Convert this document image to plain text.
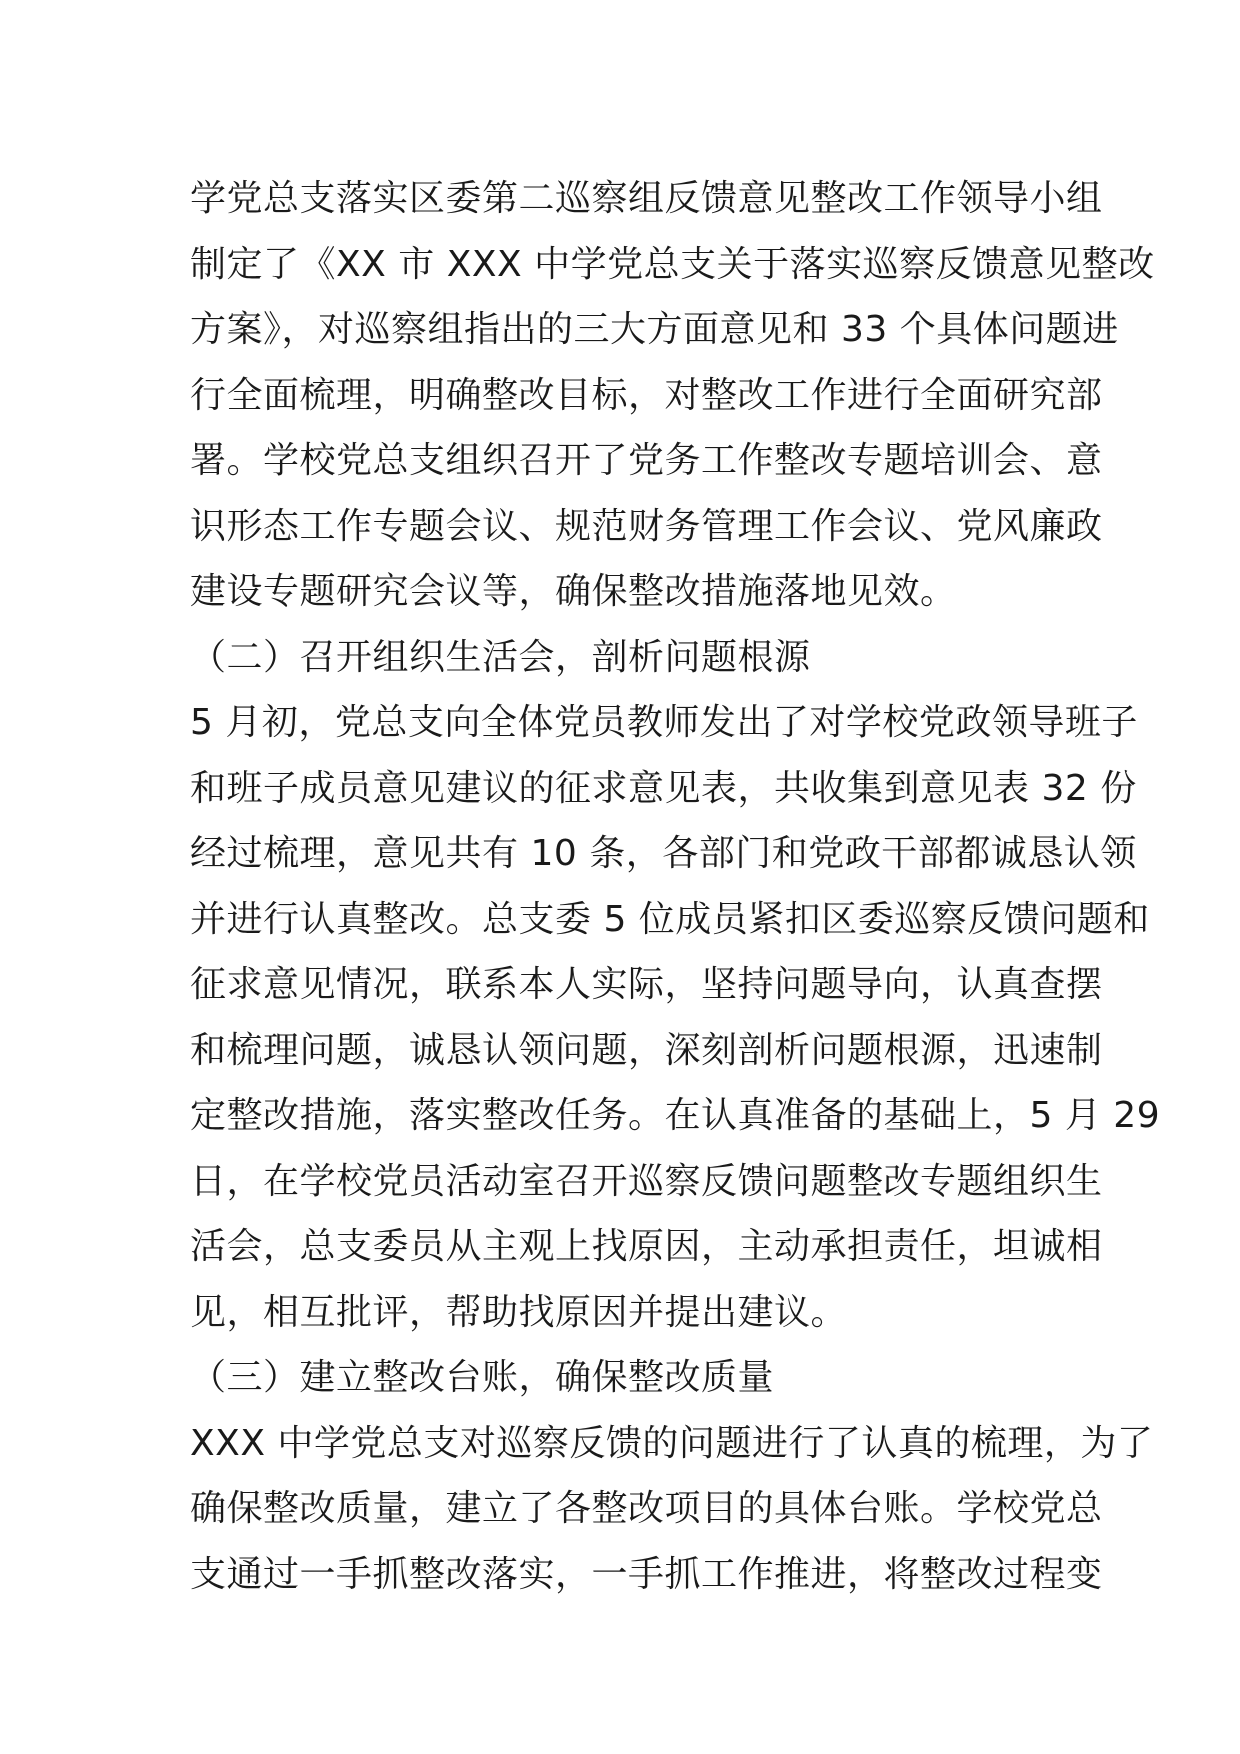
学党总支落实区委第二巡察组反馈意见整改工作领导小组
制定了《XX 市 XXX 中学党总支关于落实巡察反馈意见整改
方案》，对巡察组指出的三大方面意见和 33 个具体问题进
行全面梳理，明确整改目标，对整改工作进行全面研究部
署。学校党总支组织召开了党务工作整改专题培训会、意
识形态工作专题会议、规范财务管理工作会议、党风廉政
建设专题研究会议等，确保整改措施落地见效。
（二）召开组织生活会，剖析问题根源
5 月初，党总支向全体党员教师发出了对学校党政领导班子
和班子成员意见建议的征求意见表，共收集到意见表 32 份
经过梳理，意见共有 10 条，各部门和党政干部都诚恳认领
并进行认真整改。总支委 5 位成员紧扣区委巡察反馈问题和
征求意见情况，联系本人实际，坚持问题导向，认真查摆
和梳理问题，诚恳认领问题，深刻剖析问题根源，迅速制
定整改措施，落实整改任务。在认真准备的基础上，5 月 29
日，在学校党员活动室召开巡察反馈问题整改专题组织生
活会，总支委员从主观上找原因，主动承担责任，坦诚相
见，相互批评，帮助找原因并提出建议。
（三）建立整改台账，确保整改质量
XXX 中学党总支对巡察反馈的问题进行了认真的梳理，为了
确保整改质量，建立了各整改项目的具体台账。学校党总
支通过一手抓整改落实，一手抓工作推进，将整改过程变
